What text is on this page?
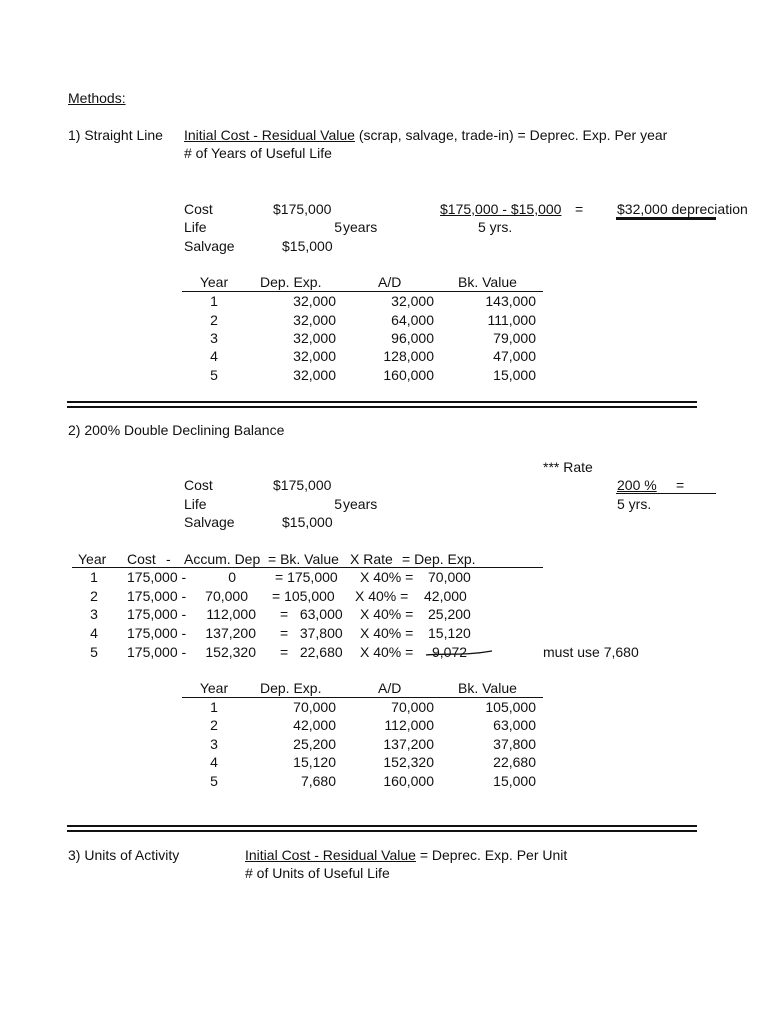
Methods:
1) Straight Line Initial Cost - Residual Value (scrap, salvage, trade-in) = Deprec. Exp. Per year
# of Years of Useful Life
Cost	$175,000
Life	5 years
Salvage	$15,000
$175,000 - $15,000 =
5 yrs.
$32,000 depreciation
Year	Dep. Exp.	A/D	Bk. Value
1	32,000	32,000	143,000
2	32,000	64,000	111,000
3	32,000	96,000	79,000
4	32,000	128,000	47,000
5	32,000	160,000	15,000
2) 200% Double Declining Balance
*** Rate
200 % =
5 yrs.
Cost	$175,000
Life	5 years
Salvage	$15,000
Year Cost - Accum. Dep = Bk. Value X Rate = Dep. Exp.
1	175,000 -	0	= 175,000 X 40% = 70,000
2	175,000 -	70,000 = 105,000 X 40% = 42,000
3	175,000 -	112,000 =   63,000 X 40% = 25,200
4	175,000 -	137,200 =   37,800 X 40% = 15,120
5	175,000 -	152,320 =   22,680 X 40% = 9,072	must use 7,680
Year	Dep. Exp.	A/D	Bk. Value
1	70,000	70,000	105,000
2	42,000	112,000	63,000
3	25,200	137,200	37,800
4	15,120	152,320	22,680
5	7,680	160,000	15,000
3) Units of Activity	Initial Cost - Residual Value = Deprec. Exp. Per Unit
# of Units of Useful Life
